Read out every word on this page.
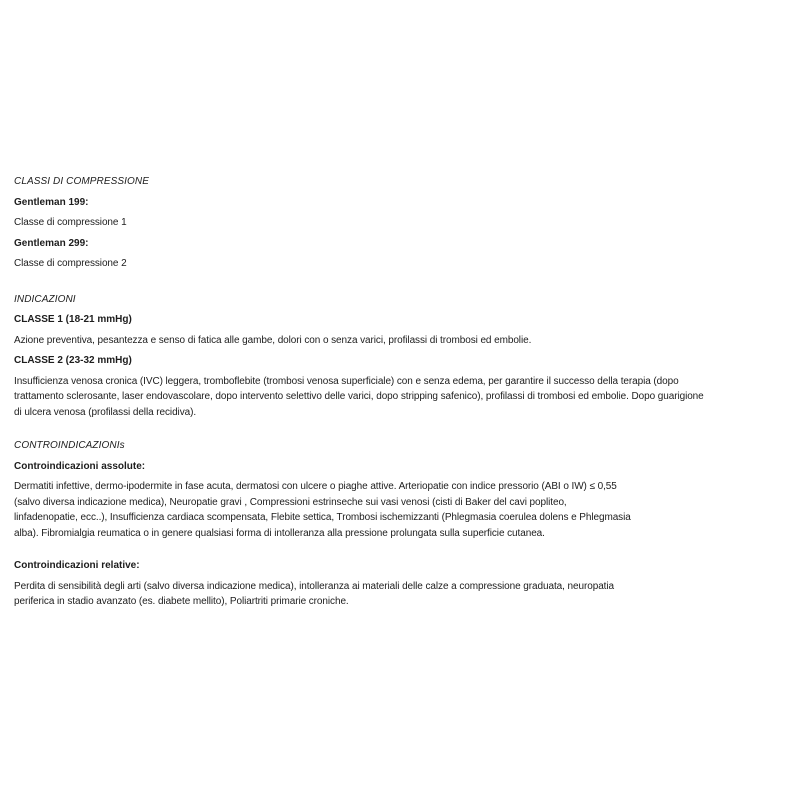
CLASSI DI COMPRESSIONE
Gentleman 199:
Classe di compressione 1
Gentleman 299:
Classe di compressione 2
INDICAZIONI
CLASSE 1 (18-21 mmHg)
Azione preventiva, pesantezza e senso di fatica alle gambe, dolori con o senza varici, profilassi di trombosi ed embolie.
CLASSE 2 (23-32 mmHg)
Insufficienza venosa cronica (IVC) leggera, tromboflebite (trombosi venosa superficiale) con e senza edema, per garantire il successo della terapia (dopo
trattamento sclerosante, laser endovascolare, dopo intervento selettivo delle varici, dopo stripping safenico), profilassi di trombosi ed embolie. Dopo guarigione
di ulcera venosa (profilassi della recidiva).
CONTROINDICAZIONIs
Controindicazioni assolute:
Dermatiti infettive, dermo-ipodermite in fase acuta, dermatosi con ulcere o piaghe attive. Arteriopatie con indice pressorio (ABI o IW) ≤ 0,55
(salvo diversa indicazione medica), Neuropatie gravi , Compressioni estrinseche sui vasi venosi (cisti di Baker del cavi popliteo,
linfadenopatie, ecc..), Insufficienza cardiaca scompensata, Flebite settica, Trombosi ischemizzanti (Phlegmasia coerulea dolens e Phlegmasia
alba). Fibromialgia reumatica o in genere qualsiasi forma di intolleranza alla pressione prolungata sulla superficie cutanea.
Controindicazioni relative:
Perdita di sensibilità degli arti (salvo diversa indicazione medica), intolleranza ai materiali delle calze a compressione graduata, neuropatia
periferica in stadio avanzato (es. diabete mellito), Poliartriti primarie croniche.
